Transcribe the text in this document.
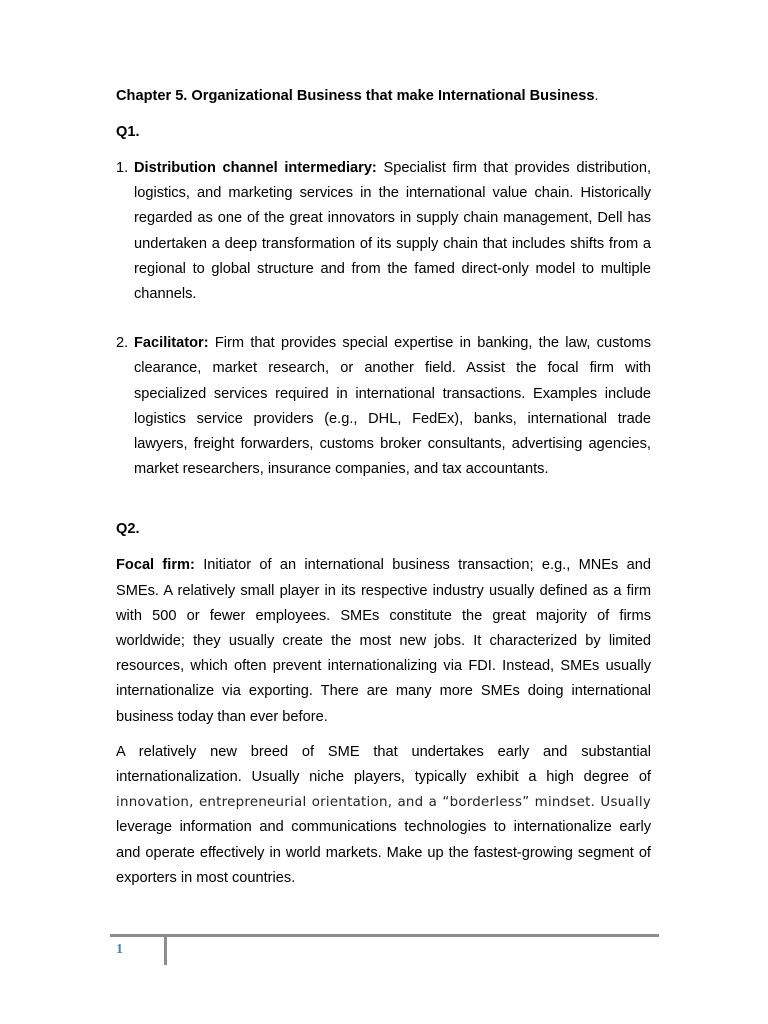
Chapter 5. Organizational Business that make International Business.

Q1.

1. Distribution channel intermediary: Specialist firm that provides distribution, logistics, and marketing services in the international value chain. Historically regarded as one of the great innovators in supply chain management, Dell has undertaken a deep transformation of its supply chain that includes shifts from a regional to global structure and from the famed direct-only model to multiple channels.
2. Facilitator: Firm that provides special expertise in banking, the law, customs clearance, market research, or another field. Assist the focal firm with specialized services required in international transactions. Examples include logistics service providers (e.g., DHL, FedEx), banks, international trade lawyers, freight forwarders, customs broker consultants, advertising agencies, market researchers, insurance companies, and tax accountants.

Q2.

Focal firm: Initiator of an international business transaction; e.g., MNEs and SMEs. A relatively small player in its respective industry usually defined as a firm with 500 or fewer employees. SMEs constitute the great majority of firms worldwide; they usually create the most new jobs. It characterized by limited resources, which often prevent internationalizing via FDI. Instead, SMEs usually internationalize via exporting. There are many more SMEs doing international business today than ever before.

A relatively new breed of SME that undertakes early and substantial internationalization. Usually niche players, typically exhibit a high degree of innovation, entrepreneurial orientation, and a “borderless” mindset. Usually leverage information and communications technologies to internationalize early and operate effectively in world markets. Make up the fastest-growing segment of exporters in most countries.

1
